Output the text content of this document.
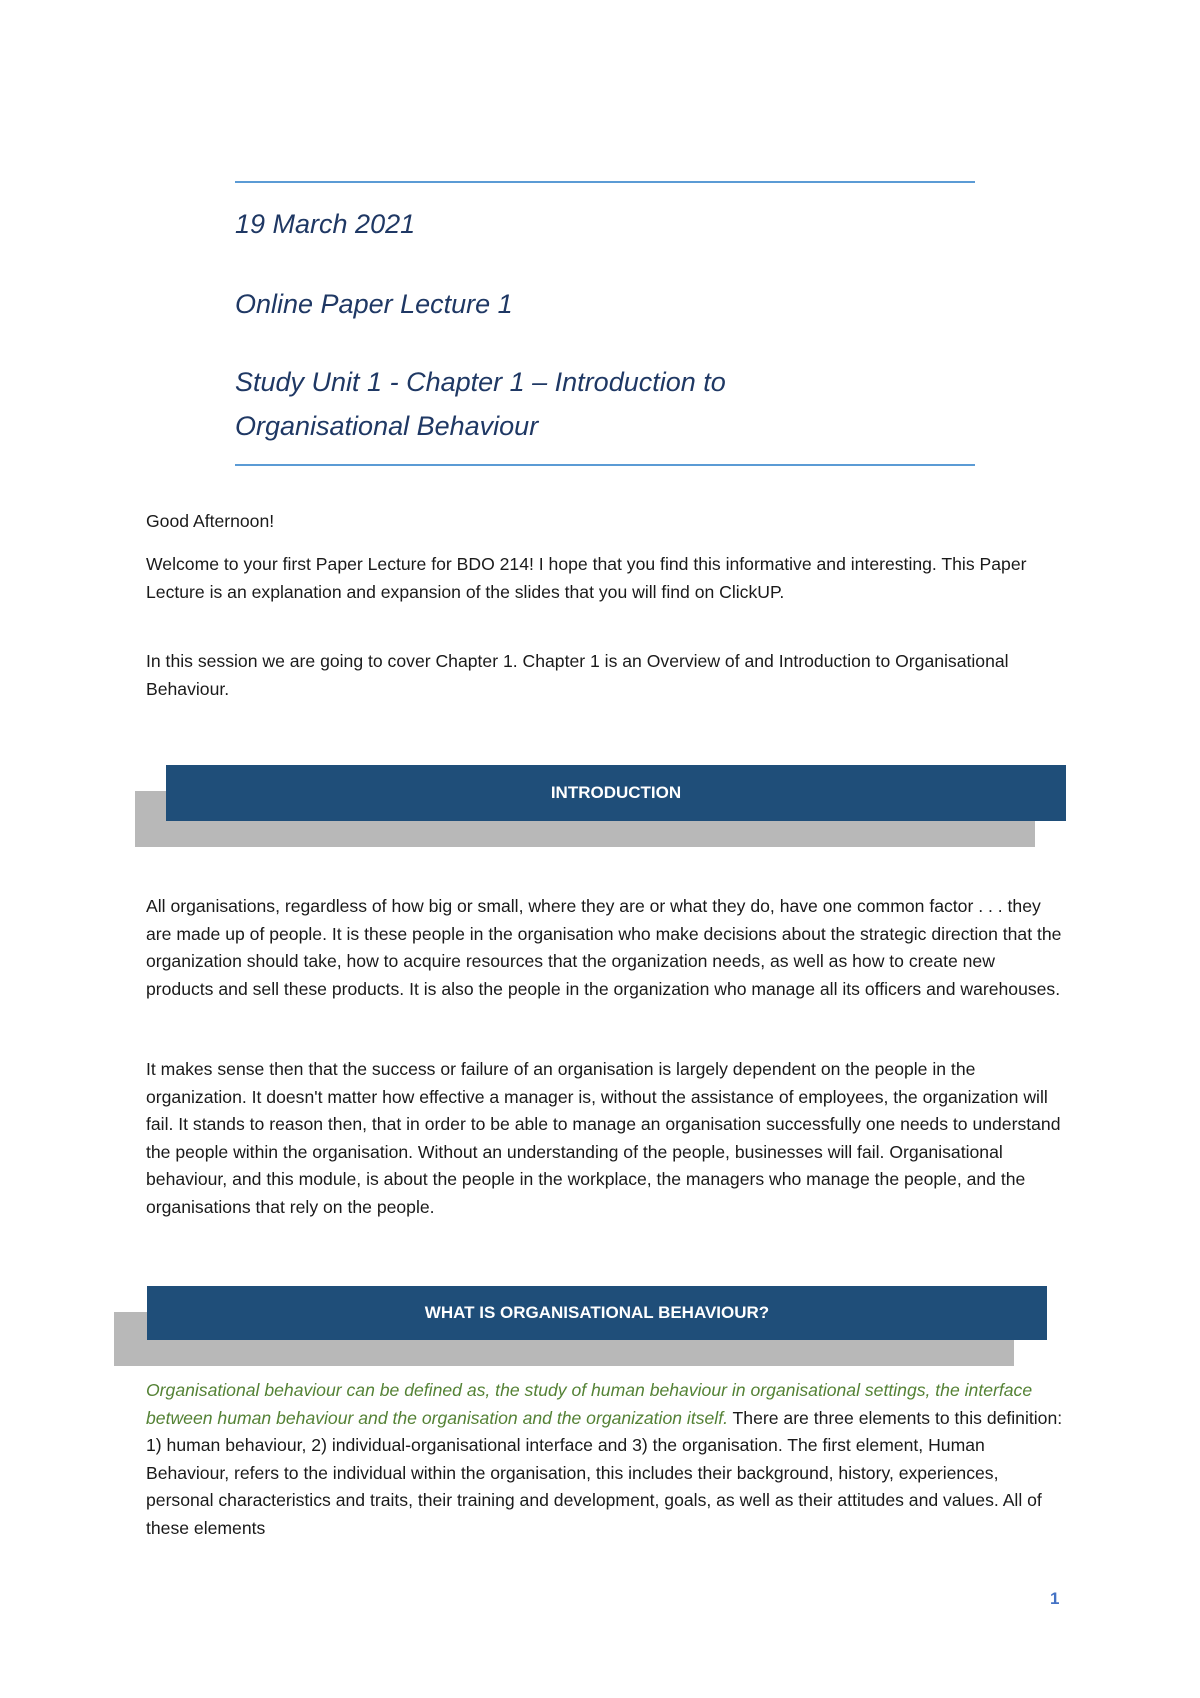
19 March 2021
Online Paper Lecture 1
Study Unit 1 - Chapter 1 – Introduction to
Organisational Behaviour

Good Afternoon!

Welcome to your first Paper Lecture for BDO 214! I hope that you find this informative and interesting. This Paper Lecture is an explanation and expansion of the slides that you will find on ClickUP.

In this session we are going to cover Chapter 1. Chapter 1 is an Overview of and Introduction to Organisational Behaviour.

INTRODUCTION

All organisations, regardless of how big or small, where they are or what they do, have one common factor . . . they are made up of people. It is these people in the organisation who make decisions about the strategic direction that the organization should take, how to acquire resources that the organization needs, as well as how to create new products and sell these products. It is also the people in the organization who manage all its officers and warehouses.

It makes sense then that the success or failure of an organisation is largely dependent on the people in the organization. It doesn't matter how effective a manager is, without the assistance of employees, the organization will fail. It stands to reason then, that in order to be able to manage an organisation successfully one needs to understand the people within the organisation. Without an understanding of the people, businesses will fail. Organisational behaviour, and this module, is about the people in the workplace, the managers who manage the people, and the organisations that rely on the people.

WHAT IS ORGANISATIONAL BEHAVIOUR?

Organisational behaviour can be defined as, the study of human behaviour in organisational settings, the interface between human behaviour and the organisation and the organization itself. There are three elements to this definition: 1) human behaviour, 2) individual-organisational interface and 3) the organisation. The first element, Human Behaviour, refers to the individual within the organisation, this includes their background, history, experiences, personal characteristics and traits, their training and development, goals, as well as their attitudes and values. All of these elements

1
